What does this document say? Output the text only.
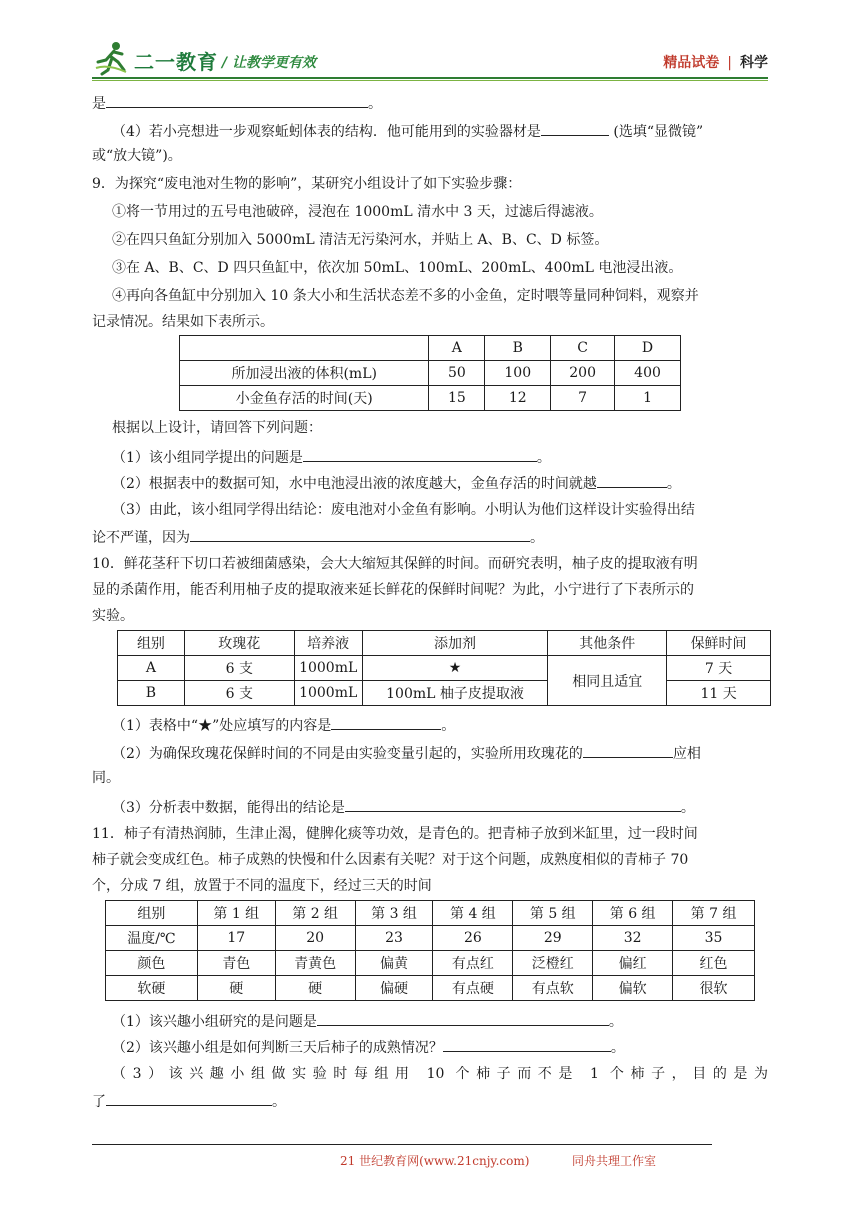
二一教育 / 让教学更有效	精品试卷 | 科学
是	。
（4）若小亮想进一步观察蚯蚓体表的结构．他可能用到的实验器材是	(选填“显微镜”
或“放大镜”)。
9．为探究“废电池对生物的影响”，某研究小组设计了如下实验步骤：
①将一节用过的五号电池破碎，浸泡在 1000mL 清水中 3 天，过滤后得滤液。
②在四只鱼缸分别加入 5000mL 清洁无污染河水，并贴上 A、B、C、D 标签。
③在 A、B、C、D 四只鱼缸中，依次加 50mL、100mL、200mL、400mL 电池浸出液。
④再向各鱼缸中分别加入 10 条大小和生活状态差不多的小金鱼，定时喂等量同种饲料，观察并
记录情况。结果如下表所示。
	A	B	C	D
所加浸出液的体积(mL)	50	100	200	400
小金鱼存活的时间(天)	15	12	7	1
根据以上设计，请回答下列问题：
（1）该小组同学提出的问题是	。
（2）根据表中的数据可知，水中电池浸出液的浓度越大，金鱼存活的时间就越	。
（3）由此，该小组同学得出结论：废电池对小金鱼有影响。小明认为他们这样设计实验得出结
论不严谨，因为	。
10．鲜花茎秆下切口若被细菌感染，会大大缩短其保鲜的时间。而研究表明，柚子皮的提取液有明
显的杀菌作用，能否利用柚子皮的提取液来延长鲜花的保鲜时间呢？为此，小宁进行了下表所示的
实验。
组别	玫瑰花	培养液	添加剂	其他条件	保鲜时间
A	6 支	1000mL	★	相同且适宜	7 天
B	6 支	1000mL	100mL 柚子皮提取液		11 天
（1）表格中“★”处应填写的内容是	。
（2）为确保玫瑰花保鲜时间的不同是由实验变量引起的，实验所用玫瑰花的	应相
同。
（3）分析表中数据，能得出的结论是	。
11．柿子有清热润肺，生津止渴，健脾化痰等功效，是青色的。把青柿子放到米缸里，过一段时间
柿子就会变成红色。柿子成熟的快慢和什么因素有关呢？对于这个问题，成熟度相似的青柿子 70
个，分成 7 组，放置于不同的温度下，经过三天的时间
组别	第 1 组	第 2 组	第 3 组	第 4 组	第 5 组	第 6 组	第 7 组
温度/℃	17	20	23	26	29	32	35
颜色	青色	青黄色	偏黄	有点红	泛橙红	偏红	红色
软硬	硬	硬	偏硬	有点硬	有点软	偏软	很软
（1）该兴趣小组研究的是问题是	。
（2）该兴趣小组是如何判断三天后柿子的成熟情况？	。
（3）该兴趣小组做实验时每组用 10 个柿子而不是 1 个柿子，目的是为
了	。
21 世纪教育网(www.21cnjy.com)	同舟共理工作室
